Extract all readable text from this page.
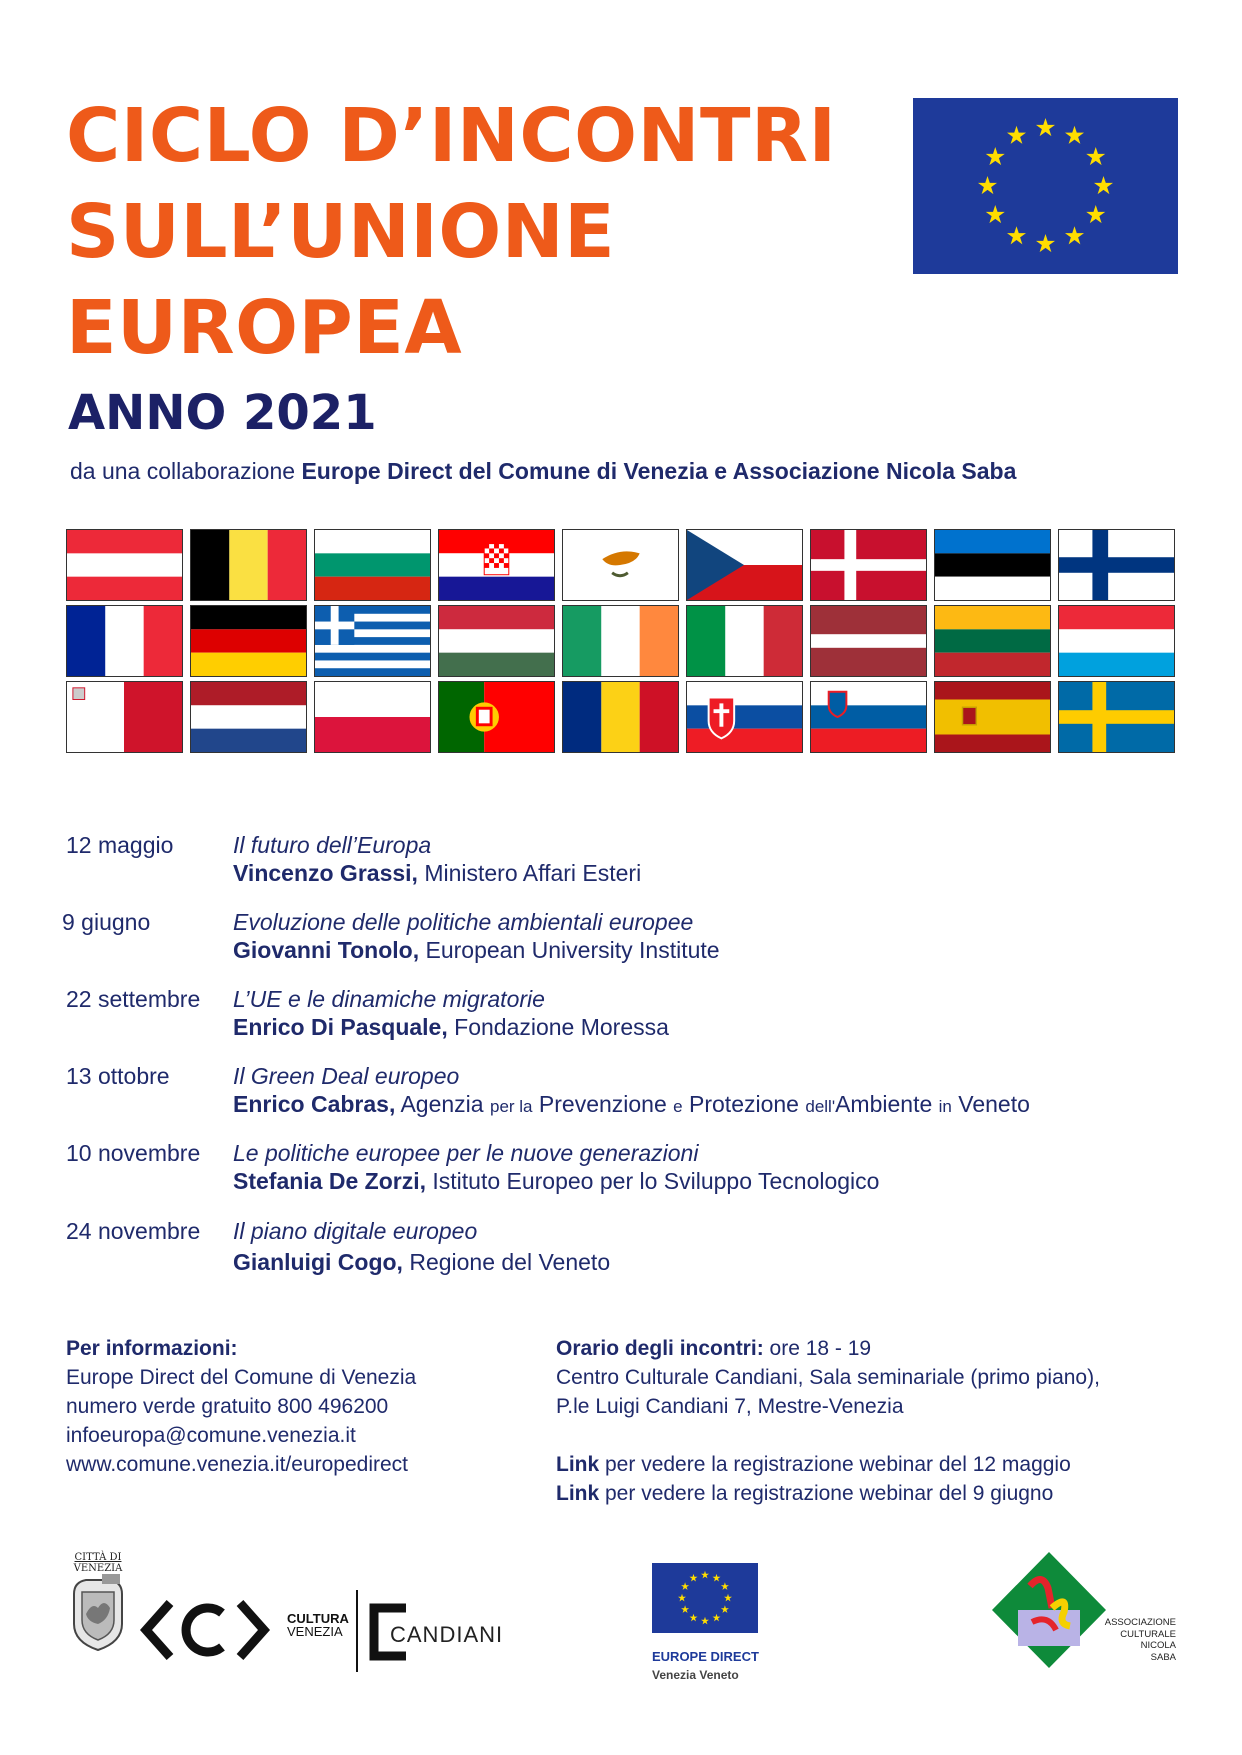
CICLO D’INCONTRI
SULL’UNIONE
EUROPEA
ANNO 2021
da una collaborazione Europe Direct del Comune di Venezia e Associazione Nicola Saba
12 maggio	Il futuro dell’Europa
Vincenzo Grassi, Ministero Affari Esteri
9 giugno	Evoluzione delle politiche ambientali europee
Giovanni Tonolo, European University Institute
22 settembre L’UE e le dinamiche migratorie
Enrico Di Pasquale, Fondazione Moressa
13 ottobre	Il Green Deal europeo
Enrico Cabras, Agenzia per la Prevenzione e Protezione dell'Ambiente in Veneto
10 novembre Le politiche europee per le nuove generazioni
Stefania De Zorzi, Istituto Europeo per lo Sviluppo Tecnologico
24 novembre Il piano digitale europeo
Gianluigi Cogo, Regione del Veneto
Per informazioni:
Europe Direct del Comune di Venezia
numero verde gratuito 800 496200
infoeuropa@comune.venezia.it
www.comune.venezia.it/europedirect
Orario degli incontri: ore 18 - 19
Centro Culturale Candiani, Sala seminariale (primo piano),
P.le Luigi Candiani 7, Mestre-Venezia
Link per vedere la registrazione webinar del 12 maggio
Link per vedere la registrazione webinar del 9 giugno
CITTÀ DI
VENEZIA
CULTURA
VENEZIA CANDIANI
EUROPE DIRECT
Venezia Veneto
ASSOCIAZIONE
CULTURALE
NICOLA
SABA
